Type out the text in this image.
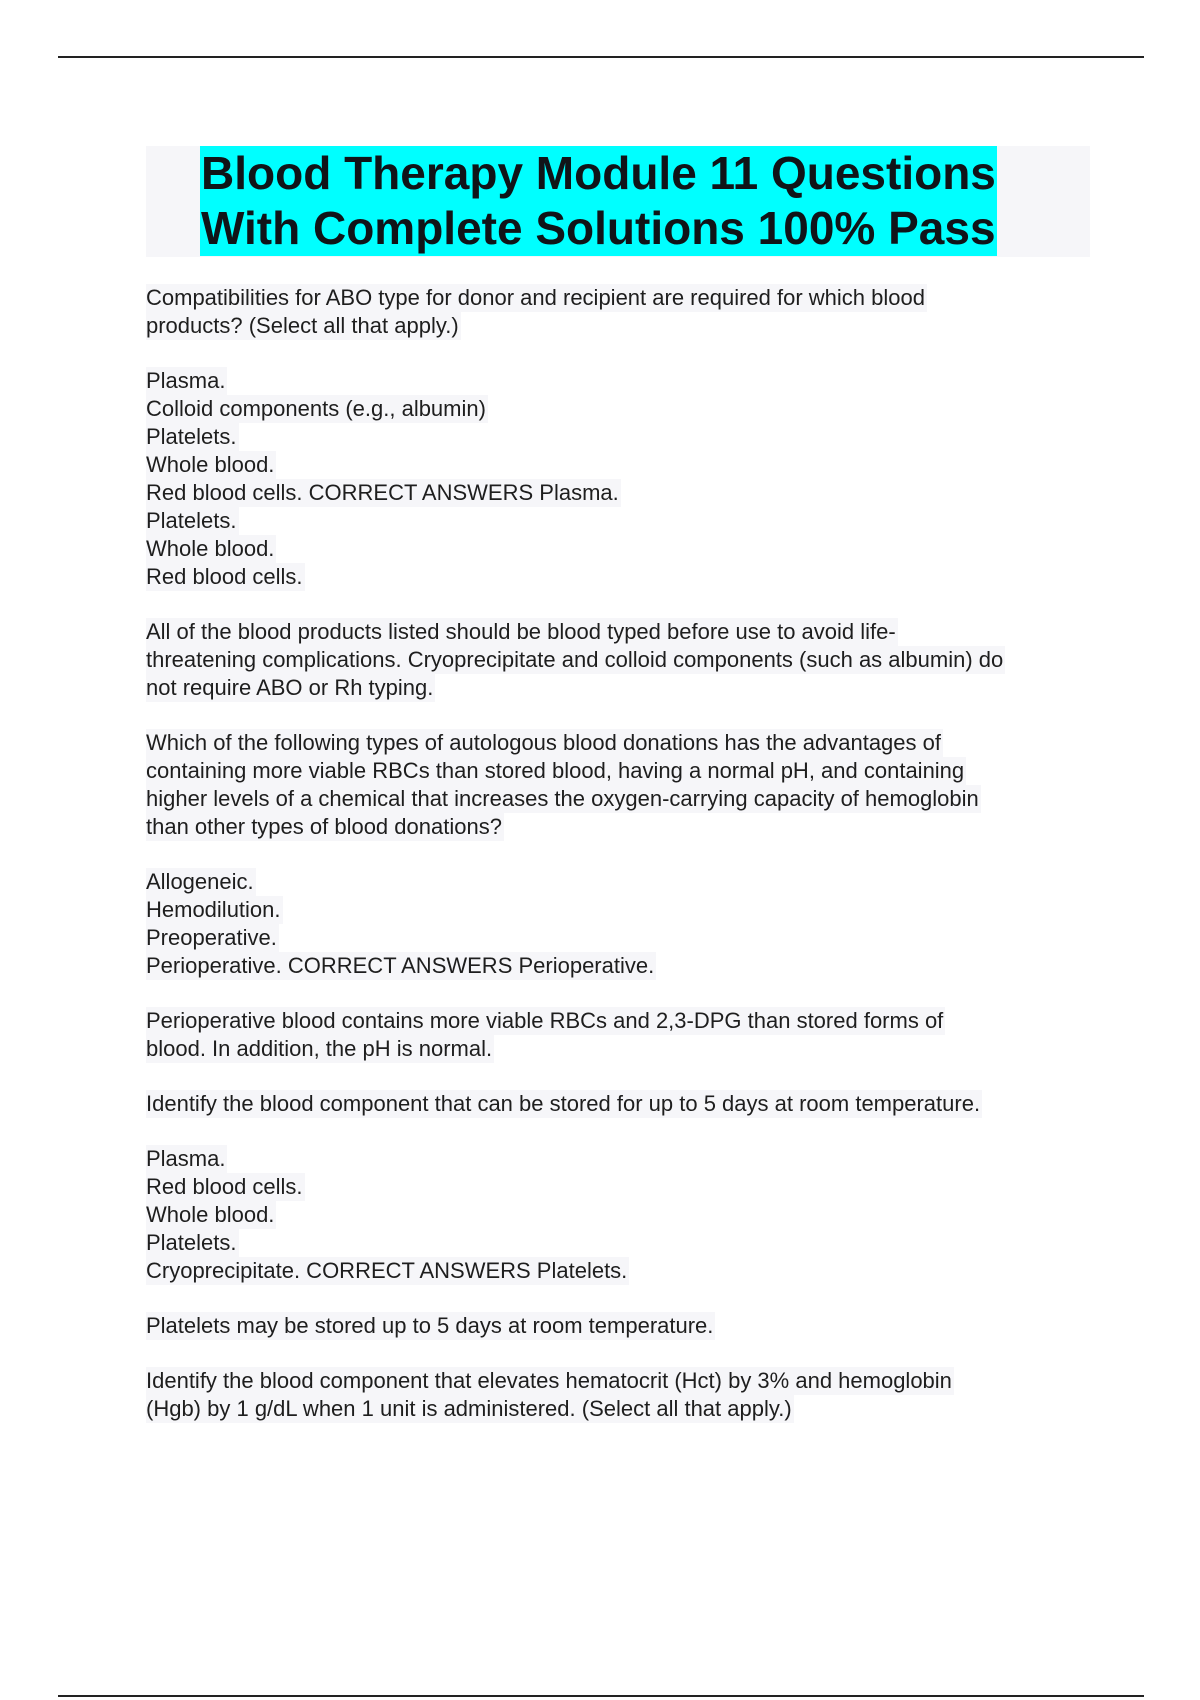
Blood Therapy Module 11 Questions
With Complete Solutions 100% Pass
Compatibilities for ABO type for donor and recipient are required for which blood
products? (Select all that apply.)
Plasma.
Colloid components (e.g., albumin)
Platelets.
Whole blood.
Red blood cells. CORRECT ANSWERS Plasma.
Platelets.
Whole blood.
Red blood cells.
All of the blood products listed should be blood typed before use to avoid life-
threatening complications. Cryoprecipitate and colloid components (such as albumin) do
not require ABO or Rh typing.
Which of the following types of autologous blood donations has the advantages of
containing more viable RBCs than stored blood, having a normal pH, and containing
higher levels of a chemical that increases the oxygen-carrying capacity of hemoglobin
than other types of blood donations?
Allogeneic.
Hemodilution.
Preoperative.
Perioperative. CORRECT ANSWERS Perioperative.
Perioperative blood contains more viable RBCs and 2,3-DPG than stored forms of
blood. In addition, the pH is normal.
Identify the blood component that can be stored for up to 5 days at room temperature.
Plasma.
Red blood cells.
Whole blood.
Platelets.
Cryoprecipitate. CORRECT ANSWERS Platelets.
Platelets may be stored up to 5 days at room temperature.
Identify the blood component that elevates hematocrit (Hct) by 3% and hemoglobin
(Hgb) by 1 g/dL when 1 unit is administered. (Select all that apply.)
